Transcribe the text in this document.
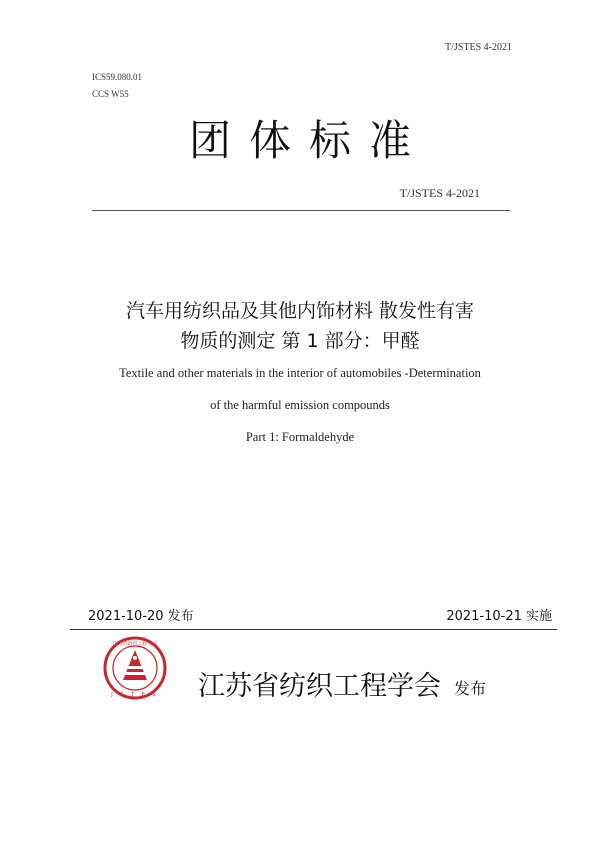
T/JSTES 4-2021
ICS59.080.01
CCS W55
团体标准
T/JSTES 4-2021
汽车用纺织品及其他内饰材料 散发性有害
物质的测定 第 1 部分：甲醛
Textile and other materials in the interior of automobiles -Determination
of the harmful emission compounds
Part 1: Formaldehyde
2021-10-20 发布	2021-10-21 实施
J S T E S
江苏省纺织工程学会
江苏省纺织工程学会 发布
